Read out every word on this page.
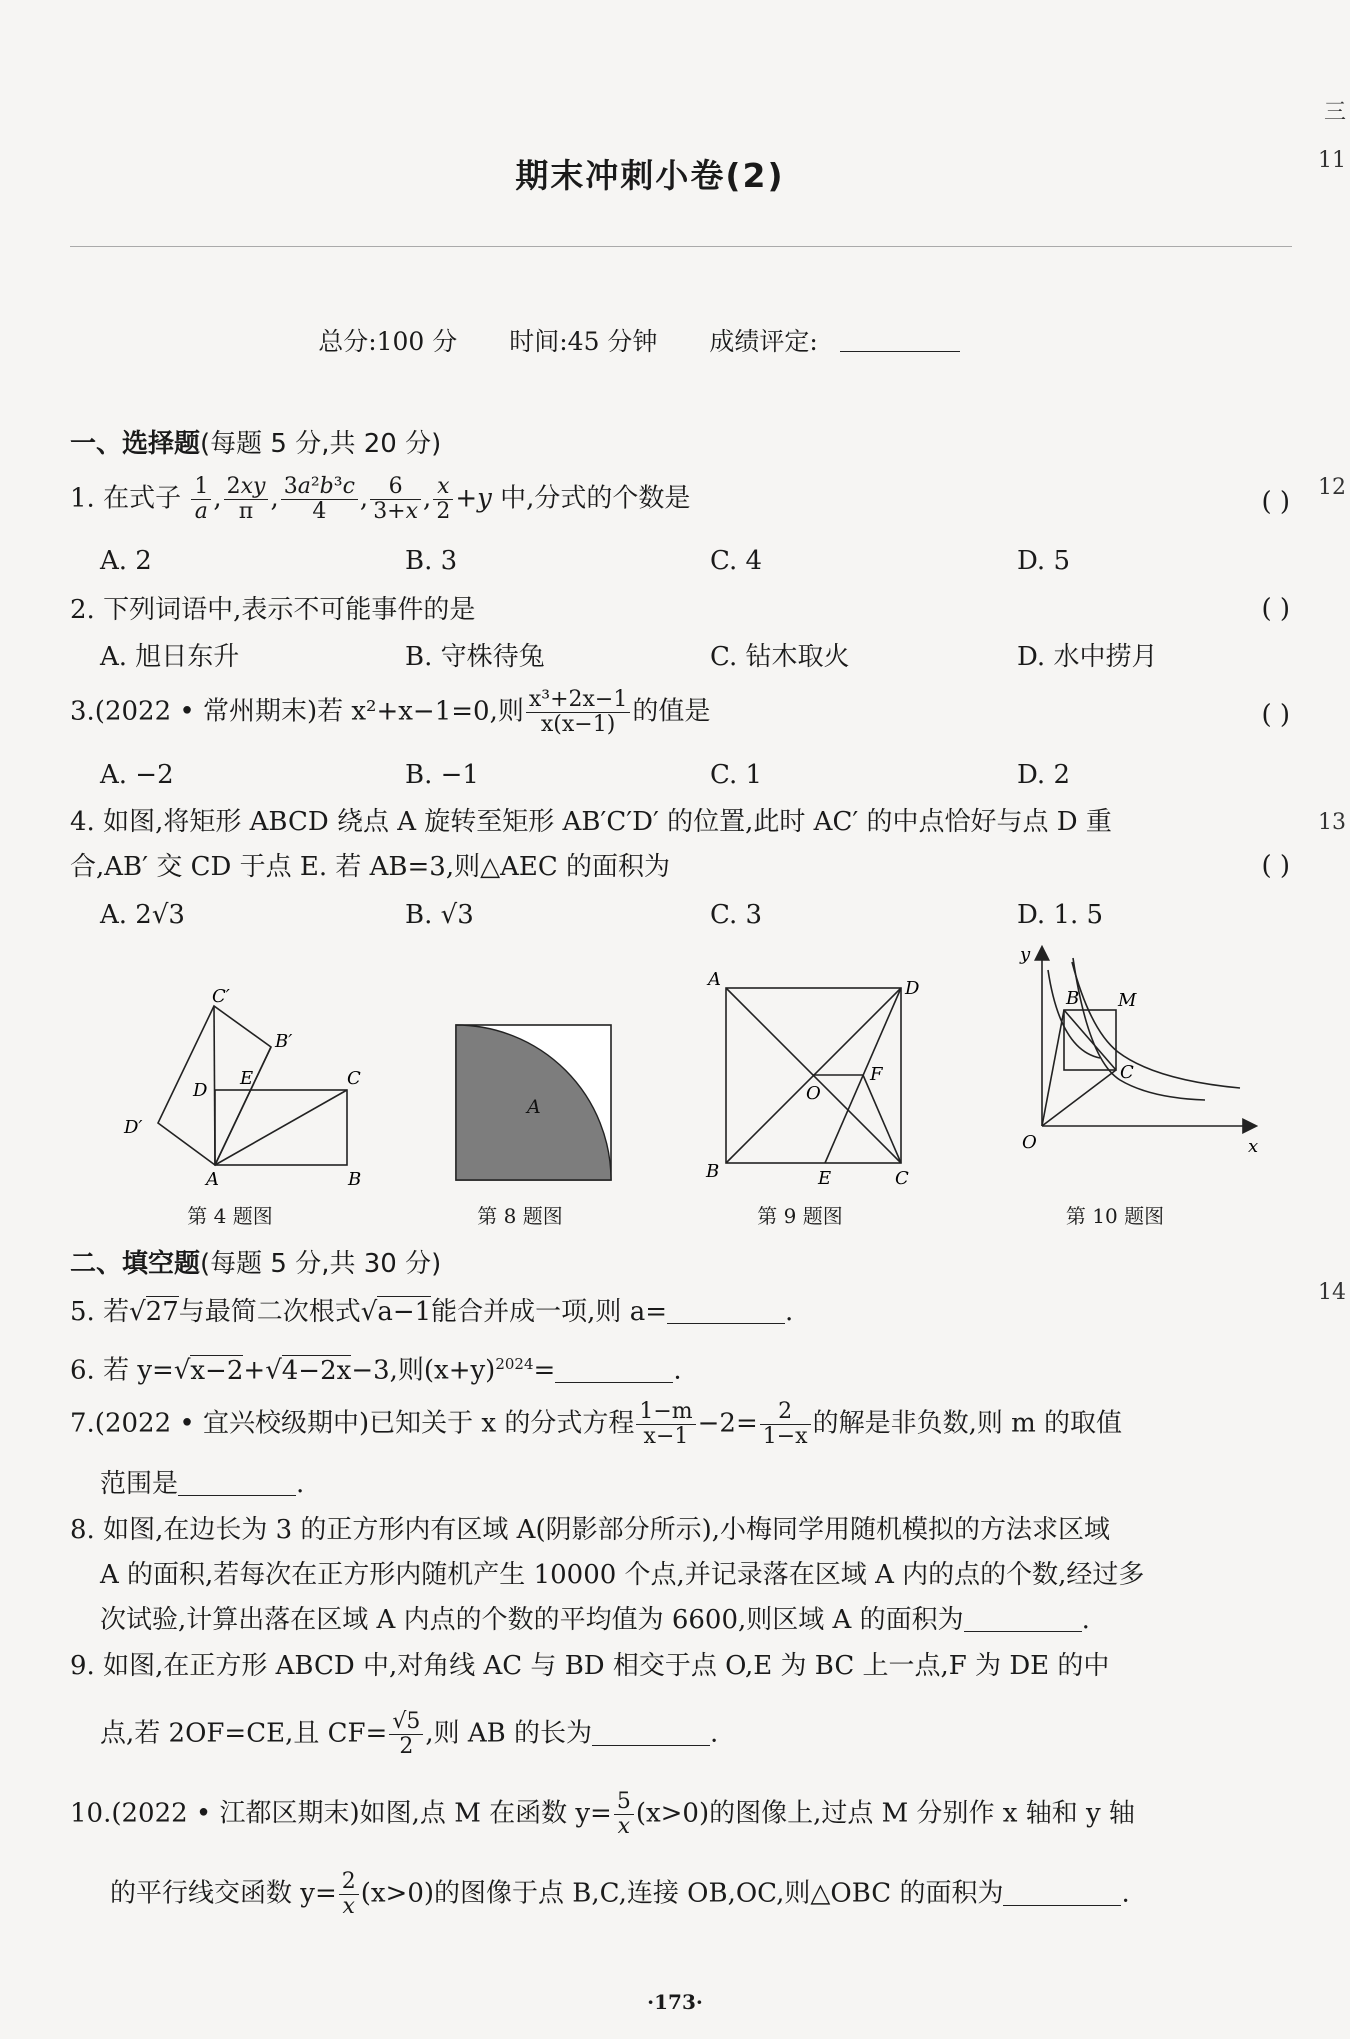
三
11
12
13
14
期末冲刺小卷(2)
总分:100 分 时间:45 分钟 成绩评定:
一、选择题(每题 5 分,共 20 分)
1. 在式子 $\frac{1}{a}$ , $\frac{2xy}{\pi}$ , $\frac{\text{3a²b³c}}{4}$ , $\frac{6}{3+x}$ , $\frac{x}{2} +y$ 中,分式的个数是	( )
A. 2	B. 3	C. 4	D. 5
2. 下列词语中,表示不可能事件的是	( )
A. 旭日东升	B. 守株待兔	C. 钻木取火	D. 水中捞月
3.(2022 • 常州期末)若 x²+x−1=0,则 $\frac{\text{x³+2x−1}}{x(x-1)}$ 的值是	( )
A. −2	B. −1	C. 1	D. 2
4. 如图,将矩形 ABCD 绕点 A 旋转至矩形 AB′C′D′ 的位置,此时 AC′ 的中点恰好与点 D 重
合,AB′ 交 CD 于点 E. 若 AB=3,则△AEC 的面积为	( )
A. 2√3	B. √3	C. 3	D. 1. 5
C′
B′
D
E	C
D′
A	B
A
A	D
O
F
B	E	C
y
B M
C
O	x
第 4 题图	第 8 题图	第 9 题图	第 10 题图
二、填空题(每题 5 分,共 30 分)
5. 若√27与最简二次根式√a−1能合并成一项,则 a=	.
6. 若 y=√x−2+√4−2x−3,则$(x+y)^{2024}=$	.
7.(2022 • 宜兴校级期中)已知关于 x 的分式方程 $\frac{1-m}{x-1} -2= \frac{2}{1-x}$ 的解是非负数,则 m 的取值
范围是	.
8. 如图,在边长为 3 的正方形内有区域 A(阴影部分所示),小梅同学用随机模拟的方法求区域
A 的面积,若每次在正方形内随机产生 10000 个点,并记录落在区域 A 内的点的个数,经过多
次试验,计算出落在区域 A 内点的个数的平均值为 6600,则区域 A 的面积为	.
9. 如图,在正方形 ABCD 中,对角线 AC 与 BD 相交于点 O,E 为 BC 上一点,F 为 DE 的中
点,若 2OF=CE,且 $CF= \frac{√5}{2}$ ,则 AB 的长为	.
10.(2022 • 江都区期末)如图,点 M 在函数 $y= \frac{5}{x} (x>0)$的图像上,过点 M 分别作 x 轴和 y 轴
的平行线交函数 $y= \frac{2}{x} (x>0)$的图像于点 B,C,连接 OB,OC,则△OBC 的面积为	.
·173·
